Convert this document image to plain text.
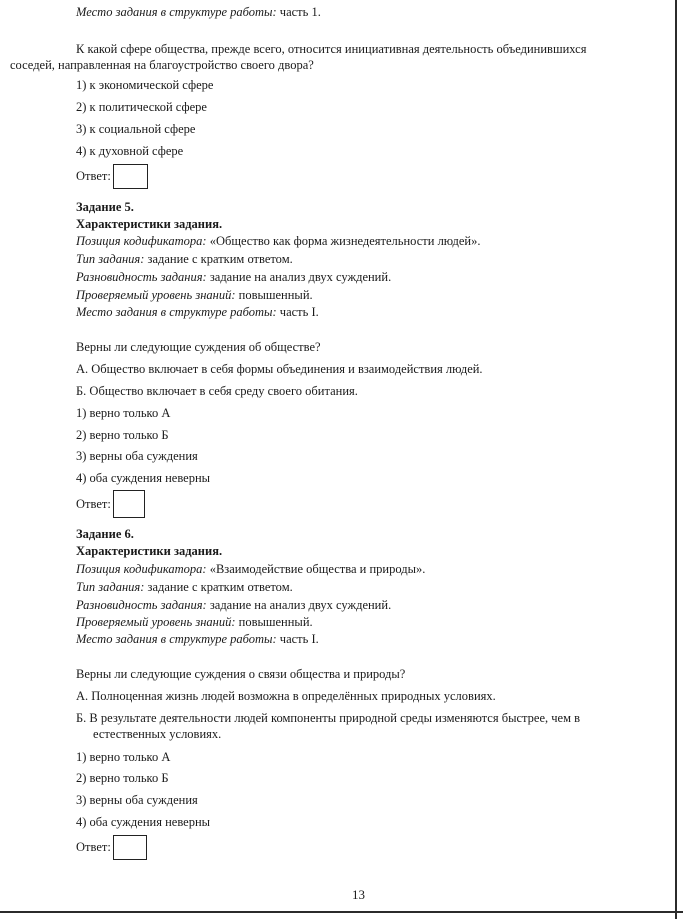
Место задания в структуре работы: часть 1.
К какой сфере общества, прежде всего, относится инициативная деятельность объединившихся
соседей, направленная на благоустройство своего двора?
1) к экономической сфере
2) к политической сфере
3) к социальной сфере
4) к духовной сфере
Ответ:
Задание 5.
Характеристики задания.
Позиция кодификатора: «Общество как форма жизнедеятельности людей».
Тип задания: задание с кратким ответом.
Разновидность задания: задание на анализ двух суждений.
Проверяемый уровень знаний: повышенный.
Место задания в структуре работы: часть I.
Верны ли следующие суждения об обществе?
А. Общество включает в себя формы объединения и взаимодействия людей.
Б. Общество включает в себя среду своего обитания.
1) верно только А
2) верно только Б
3) верны оба суждения
4) оба суждения неверны
Ответ:
Задание 6.
Характеристики задания.
Позиция кодификатора: «Взаимодействие общества и природы».
Тип задания: задание с кратким ответом.
Разновидность задания: задание на анализ двух суждений.
Проверяемый уровень знаний: повышенный.
Место задания в структуре работы: часть I.
Верны ли следующие суждения о связи общества и природы?
А. Полноценная жизнь людей возможна в определённых природных условиях.
Б. В результате деятельности людей компоненты природной среды изменяются быстрее, чем в
естественных условиях.
1) верно только А
2) верно только Б
3) верны оба суждения
4) оба суждения неверны
Ответ:
13
